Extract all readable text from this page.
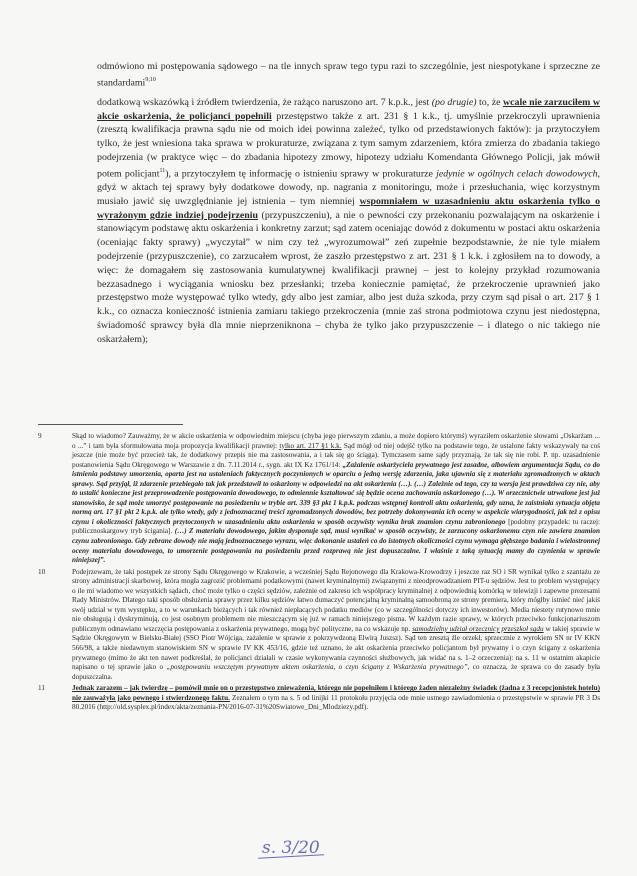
odmówiono mi postępowania sądowego – na tle innych spraw tego typu razi to szczególnie, jest niespotykane i sprzeczne ze standardami$^{9;10}$

dodatkową wskazówką i źródłem twierdzenia, że rażąco naruszono art. 7 k.p.k., jest (po drugie) to, że wcale nie zarzuciłem w akcie oskarżenia, że policjanci popełnili przestępstwo także z art. 231 § 1 k.k., tj. umyślnie przekroczyli uprawnienia (zresztą kwalifikacja prawna sądu nie od moich idei powinna zależeć, tylko od przedstawionych faktów): ja przytoczyłem tylko, że jest wniesiona taka sprawa w prokuraturze, związana z tym samym zdarzeniem, która zmierza do zbadania takiego podejrzenia (w praktyce więc – do zbadania hipotezy zmowy, hipotezy udziału Komendanta Głównego Policji, jak mówił potem policjant$^{11}$), a przytoczyłem tę informację o istnieniu sprawy w prokuraturze jedynie w ogólnych celach dowodowych, gdyż w aktach tej sprawy były dodatkowe dowody, np. nagrania z monitoringu, może i przesłuchania, więc korzystnym musiało jawić się uwzględnianie jej istnienia – tym niemniej wspomniałem w uzasadnieniu aktu oskarżenia tylko o wyrażonym gdzie indziej podejrzeniu (przypuszczeniu), a nie o pewności czy przekonaniu pozwalającym na oskarżenie i stanowiącym podstawę aktu oskarżenia i konkretny zarzut; sąd zatem oceniając dowód z dokumentu w postaci aktu oskarżenia (oceniając fakty sprawy) „wyczytał” w nim czy też „wyrozumował” zeń zupełnie bezpodstawnie, że nie tyle miałem podejrzenie (przypuszczenie), co zarzucałem wprost, że zaszło przestępstwo z art. 231 § 1 k.k. i zgłosiłem na to dowody, a więc: że domagałem się zastosowania kumulatywnej kwalifikacji prawnej – jest to kolejny przykład rozumowania bezzasadnego i wyciągania wniosku bez przesłanki; trzeba koniecznie pamiętać, że przekroczenie uprawnień jako przestępstwo może występować tylko wtedy, gdy albo jest zamiar, albo jest duża szkoda, przy czym sąd pisał o art. 217 § 1 k.k., co oznacza konieczność istnienia zamiaru takiego przekroczenia (mnie zaś strona podmiotowa czynu jest niedostępna, świadomość sprawcy była dla mnie nieprzeniknona – chyba że tylko jako przypuszczenie – i dlatego o nic takiego nie oskarżałem);

9	Skąd to wiadomo? Zauważmy, że w akcie oskarżenia w odpowiednim miejscu (chyba jego pierwszym zdaniu, a może dopiero którymś) wyraziłem oskarżenie słowami „Oskarżam ... o ...” i tam była sformułowana moja propozycja kwalifikacji prawnej: tylko art. 217 §1 k.k. Sąd mógł od niej odejść tylko na podstawie tego, że ustalone fakty wskazywały na coś jeszcze (nie może być przecież tak, że dodatkowy przepis nie ma zastosowania, a i tak się go ściąga). Tymczasem same sądy przyznają, że tak się nie robi. P. np. uzasadnienie postanowienia Sądu Okręgowego w Warszawie z dn. 7.11.2014 r., sygn. akt IX Kz 1761/14: „Zażalenie oskarżyciela prywatnego jest zasadne, albowiem argumentacja Sądu, co do istnienia podstawy umorzenia, oparta jest na ustaleniach faktycznych poczynionych w oparciu o jedną wersję zdarzenia, jaka ujawnia się z materiału zgromadzonych w aktach sprawy. Sąd przyjął, iż zdarzenie przebiegało tak jak przedstawił to oskarżony w odpowiedzi na akt oskarżenia (…). (…) Zależnie od tego, czy ta wersja jest prawdziwa czy nie, aby to ustalić konieczne jest przeprowadzenie postępowania dowodowego, to odmiennie kształtować się będzie ocena zachowania oskarżonego (…). W orzecznictwie utrwalone jest już stanowisko, że sąd może umorzyć postępowanie na posiedzeniu w trybie art. 339 §3 pkt 1 k.p.k. podczas wstępnej kontroli aktu oskarżenia, gdy uzna, że zaistniała sytuacja objęta normą art. 17 §1 pkt 2 k.p.k. ale tylko wtedy, gdy z jednoznacznej treści zgromadzonych dowodów, bez potrzeby dokonywania ich oceny w aspekcie wiarygodności, jak też z opisu czynu i okoliczności faktycznych przytoczonych w uzasadnieniu aktu oskarżenia w sposób oczywisty wynika brak znamion czynu zabronionego [podobny przypadek: tu raczej: publicznoskargowy tryb ścigania]. (…) Z materiału dowodowego, jakim dysponuje sąd, musi wynikać w sposób oczywisty, że zarzucony oskarżonemu czyn nie zawiera znamion czynu zabronionego. Gdy zebrane dowody nie mają jednoznacznego wyrazu, więc dokonanie ustaleń co do istotnych okoliczności czynu wymaga głębszego badania i wielostronnej oceny materiału dowodowego, to umorzenie postępowania na posiedzeniu przed rozprawą nie jest dopuszczalne. I właśnie z taką sytuacją mamy do czynienia w sprawie niniejszej”.
10	Podejrzewam, że taki postępek ze strony Sądu Okręgowego w Krakowie, a wcześniej Sądu Rejonowego dla Krakowa-Krowodrzy i jeszcze raz SO i SR wynikał tylko z szantażu ze strony administracji skarbowej, która mogła zagrozić problemami podatkowymi (nawet kryminalnymi) związanymi z nieodprowadzaniem PIT-u sędziów. Jest to problem występujący o ile mi wiadomo we wszystkich sądach, choć może tylko o części sędziów, zależnie od zakresu ich współpracy kryminalnej z odpowiednią komórką w telewizji i zapewne prezesami Rady Ministrów. Dlatego taki sposób obsłużenia sprawy przez kilku sędziów łatwo dumaczyć potencjalną kryminalną samoobroną ze strony premiera, który mógłby istnieć nieć jakiś swój udział w tym występku, a to w warunkach bieżących i tak również niepłacących podatku mediów (co w szczególności dotyczy ich inwestorów). Media niestety rutynowo mnie nie obsługują i dyskryminują, co jest osobnym problemem nie mieszczącym się już w ramach niniejszego pisma. W każdym razie sprawy, w których przeciwko funkcjonariuszom publicznym odmawiano wszczęcia postępowania z oskarżenia prywatnego, mogą być polityczne, na co wskazuje np. samodzielny udział orzecznicy przeszkoł sądu w takiej sprawie w Sądzie Okręgowym w Bielsku-Białej (SSO Piotr Wójciga, zażalenie w sprawie z pokrzywdzoną Elwirą Juszsz). Sąd ten zresztą źle orzekł, sprzecznie z wyrokiem SN nr IV KKN 566/98, a także niedawnym stanowiskiem SN w sprawie IV KK 453/16, gdzie też uznano, że akt oskarżenia przeciwko policjantom był prywatny i o czyn ścigany z oskarżenia prywatnego (mimo że akt ten nawet podkreślał, że policjanci działali w czasie wykonywania czynności służbowych, jak widać na s. 1–2 orzeczenia): na s. 11 w ostatnim akapicie napisano o tej sprawie jako o „postępowaniu wszczętym prywatnym aktem oskarżenia, o czyn ścigany z Wskarżenia prywatnego”, co oznacza, że sprawa co do zasady była dopuszczalna.
11	Jednak zarazem – jak twierdzę – pomówił mnie on o przestępstwo znieważenia, którego nie popełniłem i którego żaden niezależny świadek (żadna z 3 recepcjonistek hotelu) nie zauważyła jako pewnego i stwierdzonego faktu. Zeznałem o tym na s. 5 od linijki 11 protokołu przyjęcia ode mnie ustnego zawiadomienia o przestępstwie w sprawie PR 3 Ds 80.2016 (http://old.sysplex.pl/index/akta/zeznania-PN/2016-07-31%20Swiatowe_Dni_Mlodziezy.pdf).
s. 3/20
